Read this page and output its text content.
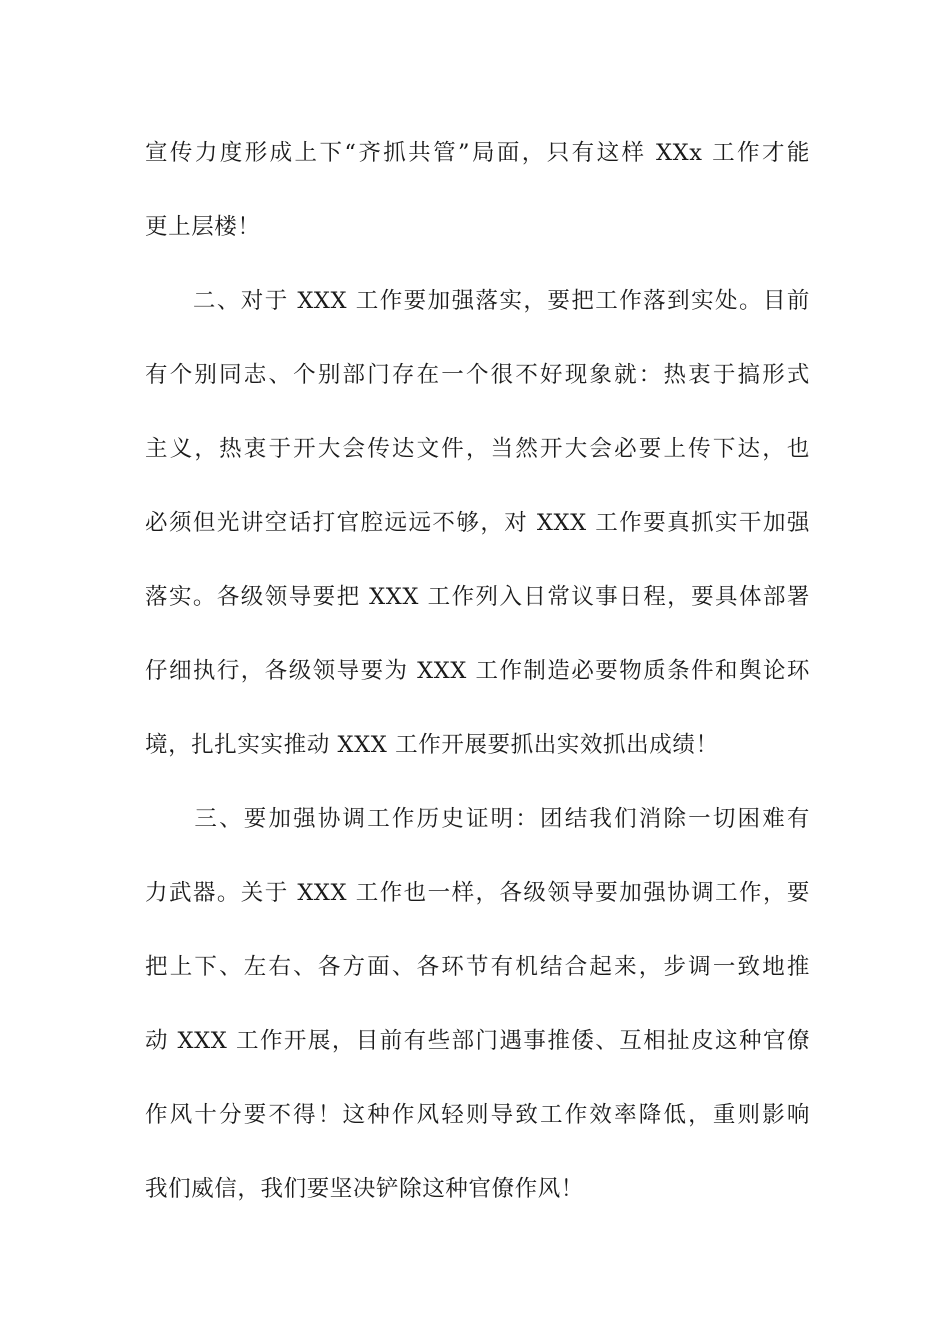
宣传力度形成上下“齐抓共管”局面，只有这样 XXx 工作才能
更上层楼！
　　二、对于 XXX 工作要加强落实，要把工作落到实处。目前
有个别同志、个别部门存在一个很不好现象就：热衷于搞形式
主义，热衷于开大会传达文件，当然开大会必要上传下达，也
必须但光讲空话打官腔远远不够，对 XXX 工作要真抓实干加强
落实。各级领导要把 XXX 工作列入日常议事日程，要具体部署
仔细执行，各级领导要为 XXX 工作制造必要物质条件和舆论环
境，扎扎实实推动 XXX 工作开展要抓出实效抓出成绩！
　　三、要加强协调工作历史证明：团结我们消除一切困难有
力武器。关于 XXX 工作也一样，各级领导要加强协调工作，要
把上下、左右、各方面、各环节有机结合起来，步调一致地推
动 XXX 工作开展，目前有些部门遇事推倭、互相扯皮这种官僚
作风十分要不得！这种作风轻则导致工作效率降低，重则影响
我们威信，我们要坚决铲除这种官僚作风！
